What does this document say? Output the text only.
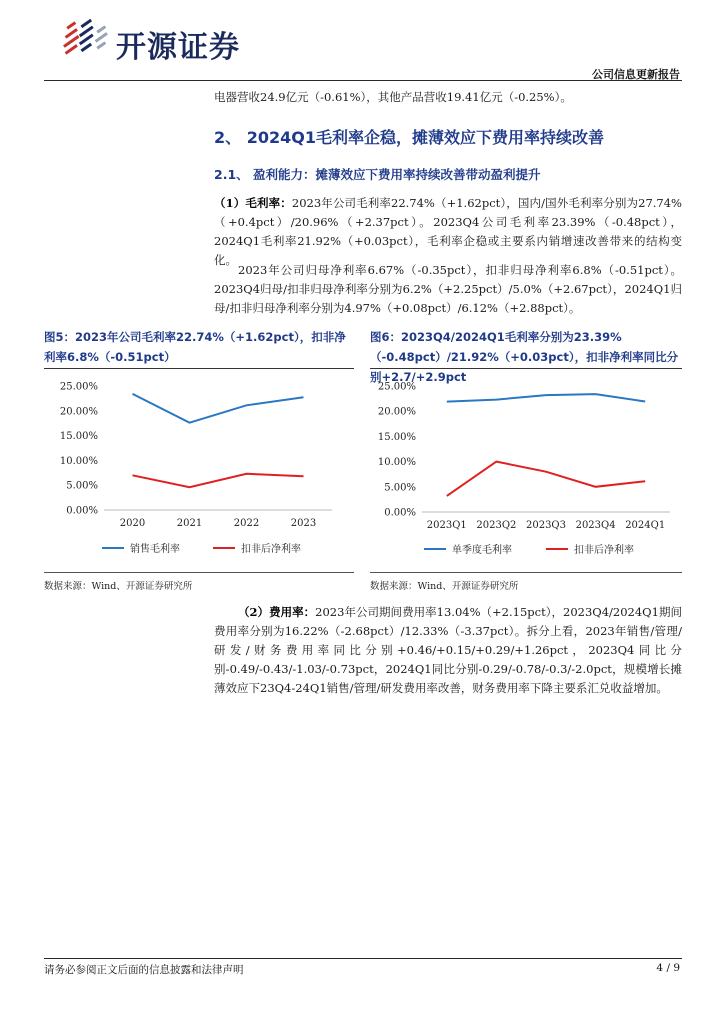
开源证券
公司信息更新报告
电器营收24.9亿元（-0.61%），其他产品营收19.41亿元（-0.25%）。
2、 2024Q1毛利率企稳，摊薄效应下费用率持续改善
2.1、 盈利能力：摊薄效应下费用率持续改善带动盈利提升
（1）毛利率：2023年公司毛利率22.74%（+1.62pct），国内/国外毛利率分别为27.74%（+0.4pct）/20.96%（+2.37pct）。2023Q4公司毛利率23.39%（-0.48pct），2024Q1毛利率21.92%（+0.03pct），毛利率企稳或主要系内销增速改善带来的结构变化。
2023年公司归母净利率6.67%（-0.35pct），扣非归母净利率6.8%（-0.51pct）。2023Q4归母/扣非归母净利率分别为6.2%（+2.25pct）/5.0%（+2.67pct），2024Q1归母/扣非归母净利率分别为4.97%（+0.08pct）/6.12%（+2.88pct）。
图5：2023年公司毛利率22.74%（+1.62pct），扣非净利率6.8%（-0.51pct）
0.00%
5.00%
10.00%
15.00%
20.00%
25.00%
2020	2021	2022	2023
销售毛利率	扣非后净利率
数据来源：Wind、开源证券研究所
图6：2023Q4/2024Q1毛利率分别为23.39%（-0.48pct）/21.92%（+0.03pct），扣非净利率同比分别+2.7/+2.9pct
0.00%
5.00%
10.00%
15.00%
20.00%
25.00%
2023Q1 2023Q2 2023Q3 2023Q4 2024Q1
单季度毛利率	扣非后净利率
数据来源：Wind、开源证券研究所
（2）费用率：2023年公司期间费用率13.04%（+2.15pct），2023Q4/2024Q1期间费用率分别为16.22%（-2.68pct）/12.33%（-3.37pct）。拆分上看，2023年销售/管理/研发/财务费用率同比分别+0.46/+0.15/+0.29/+1.26pct，2023Q4同比分别-0.49/-0.43/-1.03/-0.73pct，2024Q1同比分别-0.29/-0.78/-0.3/-2.0pct，规模增长摊薄效应下23Q4-24Q1销售/管理/研发费用率改善，财务费用率下降主要系汇兑收益增加。
请务必参阅正文后面的信息披露和法律声明	4 / 9
